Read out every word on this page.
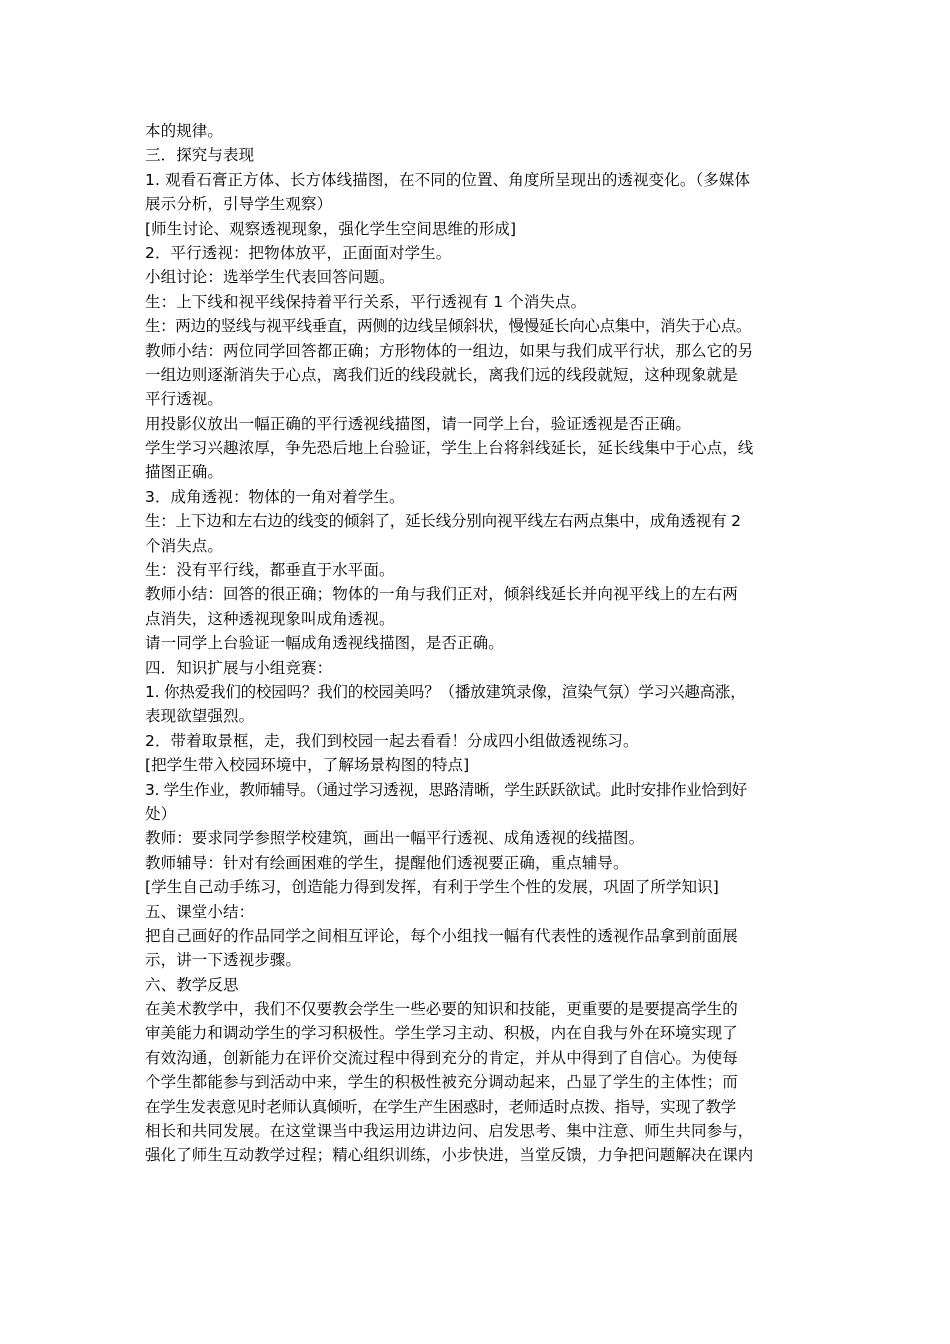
本的规律。
三．探究与表现
1. 观看石膏正方体、长方体线描图，在不同的位置、角度所呈现出的透视变化。（多媒体
展示分析，引导学生观察）
[师生讨论、观察透视现象，强化学生空间思维的形成]
2．平行透视：把物体放平，正面面对学生。
小组讨论：选举学生代表回答问题。
生：上下线和视平线保持着平行关系，平行透视有 1 个消失点。
生：两边的竖线与视平线垂直，两侧的边线呈倾斜状，慢慢延长向心点集中，消失于心点。
教师小结：两位同学回答都正确；方形物体的一组边，如果与我们成平行状，那么它的另
一组边则逐渐消失于心点，离我们近的线段就长，离我们远的线段就短，这种现象就是
平行透视。
用投影仪放出一幅正确的平行透视线描图，请一同学上台，验证透视是否正确。
学生学习兴趣浓厚，争先恐后地上台验证，学生上台将斜线延长，延长线集中于心点，线
描图正确。
3．成角透视：物体的一角对着学生。
生：上下边和左右边的线变的倾斜了，延长线分别向视平线左右两点集中，成角透视有 2
个消失点。
生：没有平行线，都垂直于水平面。
教师小结：回答的很正确；物体的一角与我们正对，倾斜线延长并向视平线上的左右两
点消失，这种透视现象叫成角透视。
请一同学上台验证一幅成角透视线描图，是否正确。
四．知识扩展与小组竞赛：
1. 你热爱我们的校园吗？我们的校园美吗？（播放建筑录像，渲染气氛）学习兴趣高涨，
表现欲望强烈。
2．带着取景框，走，我们到校园一起去看看！分成四小组做透视练习。
[把学生带入校园环境中，了解场景构图的特点]
3. 学生作业，教师辅导。（通过学习透视，思路清晰，学生跃跃欲试。此时安排作业恰到好
处）
教师：要求同学参照学校建筑，画出一幅平行透视、成角透视的线描图。
教师辅导：针对有绘画困难的学生，提醒他们透视要正确，重点辅导。
[学生自己动手练习，创造能力得到发挥，有利于学生个性的发展，巩固了所学知识]
五、课堂小结：
把自己画好的作品同学之间相互评论，每个小组找一幅有代表性的透视作品拿到前面展
示，讲一下透视步骤。
六、教学反思
在美术教学中，我们不仅要教会学生一些必要的知识和技能，更重要的是要提高学生的
审美能力和调动学生的学习积极性。学生学习主动、积极，内在自我与外在环境实现了
有效沟通，创新能力在评价交流过程中得到充分的肯定，并从中得到了自信心。为使每
个学生都能参与到活动中来，学生的积极性被充分调动起来，凸显了学生的主体性；而
在学生发表意见时老师认真倾听，在学生产生困惑时，老师适时点拨、指导，实现了教学
相长和共同发展。在这堂课当中我运用边讲边问、启发思考、集中注意、师生共同参与，
强化了师生互动教学过程；精心组织训练，小步快进，当堂反馈，力争把问题解决在课内
